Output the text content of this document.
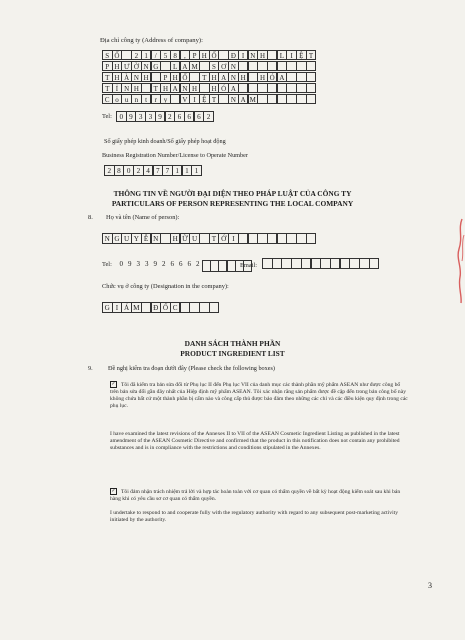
Địa chỉ công ty (Address of company):
S Ố	2 1 / 5 8	, P H Ố	Đ I N H	L I Ệ T
P H Ư Ờ N G	L A M	S Ơ N
T H À N H	P H Ố	T H A N H	H Ó A
T Ỉ N H	T H A N H	H Ó A
C o u n t	r y	V I Ệ T	N A M
Tel:	0 9 3 3 9 2 6 6 6 2
Số giấy phép kinh doanh/Số giấy phép hoạt động
Business Registration Number/License to Operate Number
2 8 0 2 4 7 7 1 1 1
THÔNG TIN VỀ NGƯỜI ĐẠI DIỆN THEO PHÁP LUẬT CỦA CÔNG TY
PARTICULARS OF PERSON REPRESENTING THE LOCAL COMPANY
8. Họ và tên (Name of person):
N G U Y Ễ N	H Ữ U	T Ớ I
Tel:	0 9 3 3 9 2 6 6 6 2	Email:
Chức vụ ở công ty (Designation in the company):
G I Á M	Đ Ố C
DANH SÁCH THÀNH PHẦN
PRODUCT INGREDIENT LIST
9. Đề nghị kiểm tra đoạn dưới đây (Please check the following boxes)
✓ Tôi đã kiểm tra bản sửa đổi từ Phụ lục II đến Phụ lục VII của danh mục các thành phần mỹ phẩm ASEAN như được công bố trên bản sửa đổi gần đây nhất của Hiệp định mỹ phẩm ASEAN. Tôi xác nhận rằng sản phẩm được đề cập đến trong bản công bố này không chứa bất cứ một thành phần bị cấm nào và công cấp thủ được bảo đảm theo những các chỉ và các điều kiện quy định trong các phụ lục.
I have examined the latest revisions of the Annexes II to VII of the ASEAN Cosmetic Ingredient Listing as published in the latest amendment of the ASEAN Cosmetic Directive and confirmed that the product in this notification does not contain any prohibited substances and is in compliance with the restrictions and conditions stipulated in the Annexes.
✓ Tôi đảm nhận trách nhiệm trả lời và hợp tác hoàn toàn với cơ quan có thẩm quyền về bất kỳ hoạt động kiểm soát sau khi bán hàng khi có yêu cầu sơ cơ quan có thẩm quyền.
I undertake to respond to and cooperate fully with the regulatory authority with regard to any subsequent post-marketing activity initiated by the authority.
3
